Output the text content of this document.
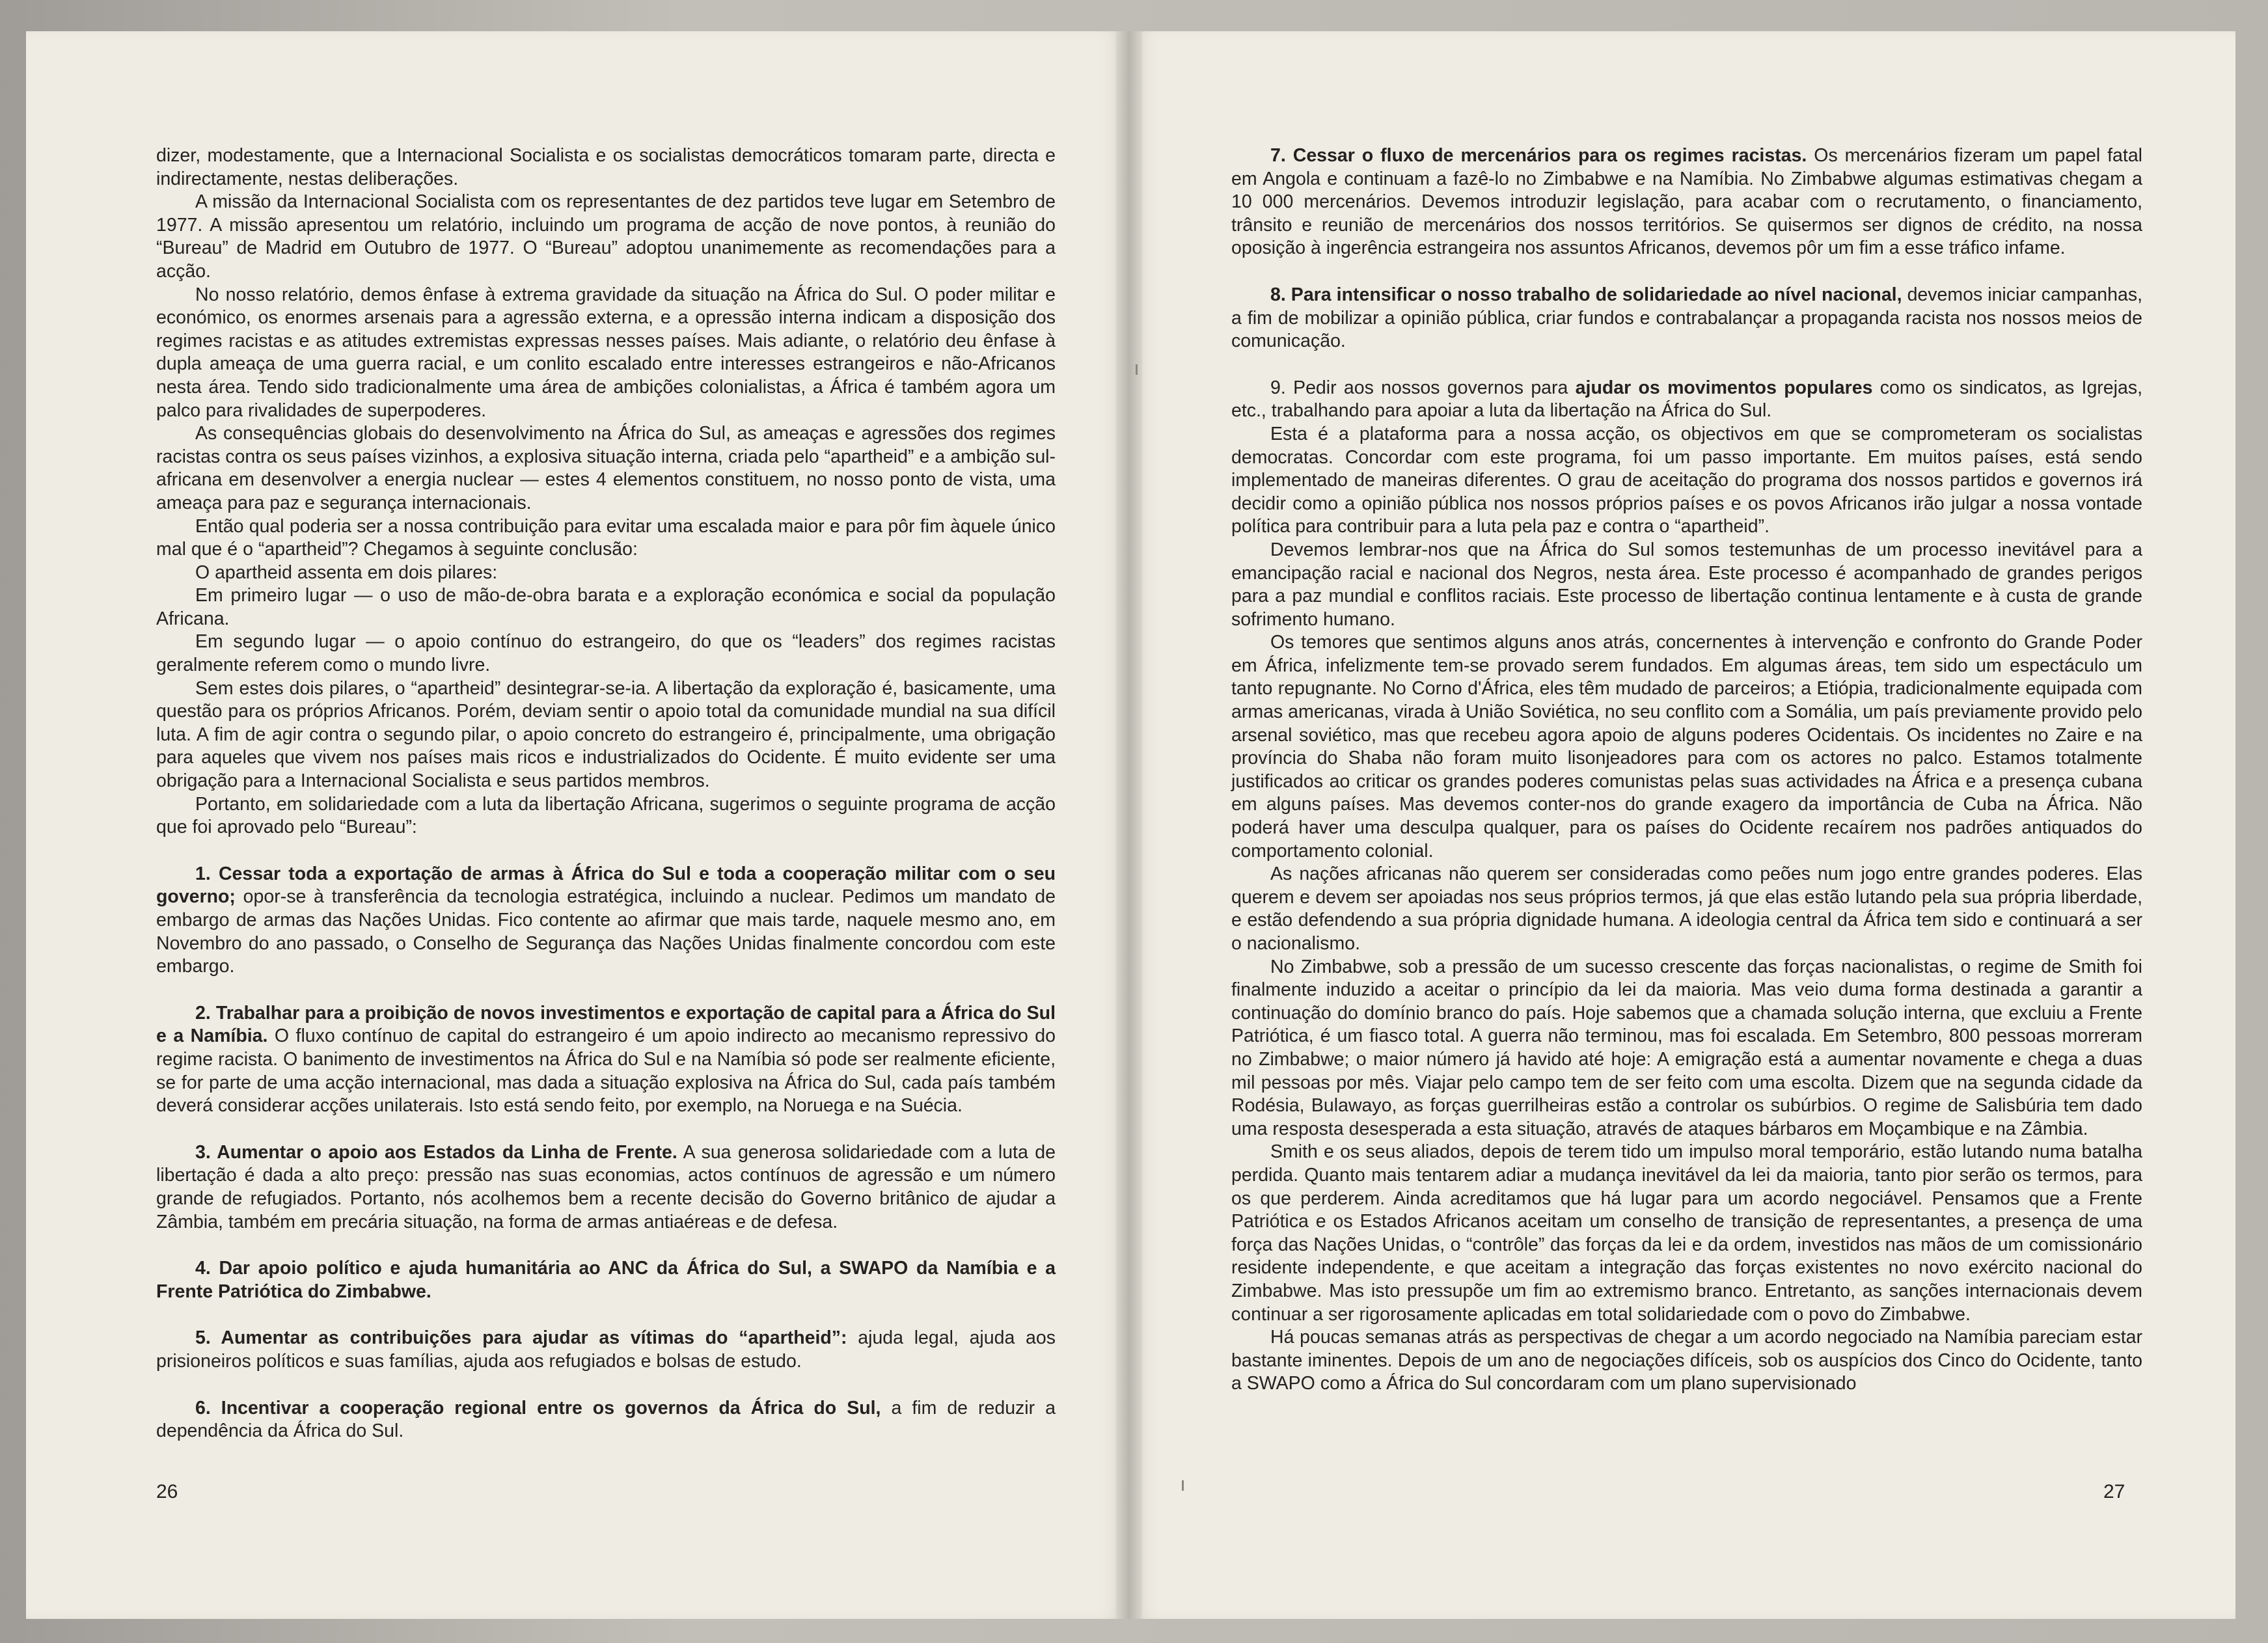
dizer, modestamente, que a Internacional Socialista e os socialistas democráticos tomaram parte, directa e indirectamente, nestas deliberações.

A missão da Internacional Socialista com os representantes de dez partidos teve lugar em Setembro de 1977. A missão apresentou um relatório, incluindo um programa de acção de nove pontos, à reunião do “Bureau” de Madrid em Outubro de 1977. O “Bureau” adoptou unanimemente as recomendações para a acção.

No nosso relatório, demos ênfase à extrema gravidade da situação na África do Sul. O poder militar e económico, os enormes arsenais para a agressão externa, e a opressão interna indicam a disposição dos regimes racistas e as atitudes extremistas expressas nesses países. Mais adiante, o relatório deu ênfase à dupla ameaça de uma guerra racial, e um conlito escalado entre interesses estrangeiros e não-Africanos nesta área. Tendo sido tradicionalmente uma área de ambições colonialistas, a África é também agora um palco para rivalidades de superpoderes.

As consequências globais do desenvolvimento na África do Sul, as ameaças e agressões dos regimes racistas contra os seus países vizinhos, a explosiva situação interna, criada pelo “apartheid” e a ambição sul-africana em desenvolver a energia nuclear — estes 4 elementos constituem, no nosso ponto de vista, uma ameaça para paz e segurança internacionais.

Então qual poderia ser a nossa contribuição para evitar uma escalada maior e para pôr fim àquele único mal que é o “apartheid”? Chegamos à seguinte conclusão:

O apartheid assenta em dois pilares:

Em primeiro lugar — o uso de mão-de-obra barata e a exploração económica e social da população Africana.

Em segundo lugar — o apoio contínuo do estrangeiro, do que os “leaders” dos regimes racistas geralmente referem como o mundo livre.

Sem estes dois pilares, o “apartheid” desintegrar-se-ia. A libertação da exploração é, basicamente, uma questão para os próprios Africanos. Porém, deviam sentir o apoio total da comunidade mundial na sua difícil luta. A fim de agir contra o segundo pilar, o apoio concreto do estrangeiro é, principalmente, uma obrigação para aqueles que vivem nos países mais ricos e industrializados do Ocidente. É muito evidente ser uma obrigação para a Internacional Socialista e seus partidos membros.

Portanto, em solidariedade com a luta da libertação Africana, sugerimos o seguinte programa de acção que foi aprovado pelo “Bureau”:

1. Cessar toda a exportação de armas à África do Sul e toda a cooperação militar com o seu governo; opor-se à transferência da tecnologia estratégica, incluindo a nuclear. Pedimos um mandato de embargo de armas das Nações Unidas. Fico contente ao afirmar que mais tarde, naquele mesmo ano, em Novembro do ano passado, o Conselho de Segurança das Nações Unidas finalmente concordou com este embargo.

2. Trabalhar para a proibição de novos investimentos e exportação de capital para a África do Sul e a Namíbia. O fluxo contínuo de capital do estrangeiro é um apoio indirecto ao mecanismo repressivo do regime racista. O banimento de investimentos na África do Sul e na Namíbia só pode ser realmente eficiente, se for parte de uma acção internacional, mas dada a situação explosiva na África do Sul, cada país também deverá considerar acções unilaterais. Isto está sendo feito, por exemplo, na Noruega e na Suécia.

3. Aumentar o apoio aos Estados da Linha de Frente. A sua generosa solidariedade com a luta de libertação é dada a alto preço: pressão nas suas economias, actos contínuos de agressão e um número grande de refugiados. Portanto, nós acolhemos bem a recente decisão do Governo britânico de ajudar a Zâmbia, também em precária situação, na forma de armas antiaéreas e de defesa.

4. Dar apoio político e ajuda humanitária ao ANC da África do Sul, a SWAPO da Namíbia e a Frente Patriótica do Zimbabwe.

5. Aumentar as contribuições para ajudar as vítimas do “apartheid”: ajuda legal, ajuda aos prisioneiros políticos e suas famílias, ajuda aos refugiados e bolsas de estudo.

6. Incentivar a cooperação regional entre os governos da África do Sul, a fim de reduzir a dependência da África do Sul.

26

7. Cessar o fluxo de mercenários para os regimes racistas. Os mercenários fizeram um papel fatal em Angola e continuam a fazê-lo no Zimbabwe e na Namíbia. No Zimbabwe algumas estimativas chegam a 10 000 mercenários. Devemos introduzir legislação, para acabar com o recrutamento, o financiamento, trânsito e reunião de mercenários dos nossos territórios. Se quisermos ser dignos de crédito, na nossa oposição à ingerência estrangeira nos assuntos Africanos, devemos pôr um fim a esse tráfico infame.

8. Para intensificar o nosso trabalho de solidariedade ao nível nacional, devemos iniciar campanhas, a fim de mobilizar a opinião pública, criar fundos e contrabalançar a propaganda racista nos nossos meios de comunicação.

9. Pedir aos nossos governos para ajudar os movimentos populares como os sindicatos, as Igrejas, etc., trabalhando para apoiar a luta da libertação na África do Sul.

Esta é a plataforma para a nossa acção, os objectivos em que se comprometeram os socialistas democratas. Concordar com este programa, foi um passo importante. Em muitos países, está sendo implementado de maneiras diferentes. O grau de aceitação do programa dos nossos partidos e governos irá decidir como a opinião pública nos nossos próprios países e os povos Africanos irão julgar a nossa vontade política para contribuir para a luta pela paz e contra o “apartheid”.

Devemos lembrar-nos que na África do Sul somos testemunhas de um processo inevitável para a emancipação racial e nacional dos Negros, nesta área. Este processo é acompanhado de grandes perigos para a paz mundial e conflitos raciais. Este processo de libertação continua lentamente e à custa de grande sofrimento humano.

Os temores que sentimos alguns anos atrás, concernentes à intervenção e confronto do Grande Poder em África, infelizmente tem-se provado serem fundados. Em algumas áreas, tem sido um espectáculo um tanto repugnante. No Corno d'África, eles têm mudado de parceiros; a Etiópia, tradicionalmente equipada com armas americanas, virada à União Soviética, no seu conflito com a Somália, um país previamente provido pelo arsenal soviético, mas que recebeu agora apoio de alguns poderes Ocidentais. Os incidentes no Zaire e na província do Shaba não foram muito lisonjeadores para com os actores no palco. Estamos totalmente justificados ao criticar os grandes poderes comunistas pelas suas actividades na África e a presença cubana em alguns países. Mas devemos conter-nos do grande exagero da importância de Cuba na África. Não poderá haver uma desculpa qualquer, para os países do Ocidente recaírem nos padrões antiquados do comportamento colonial.

As nações africanas não querem ser consideradas como peões num jogo entre grandes poderes. Elas querem e devem ser apoiadas nos seus próprios termos, já que elas estão lutando pela sua própria liberdade, e estão defendendo a sua própria dignidade humana. A ideologia central da África tem sido e continuará a ser o nacionalismo.

No Zimbabwe, sob a pressão de um sucesso crescente das forças nacionalistas, o regime de Smith foi finalmente induzido a aceitar o princípio da lei da maioria. Mas veio duma forma destinada a garantir a continuação do domínio branco do país. Hoje sabemos que a chamada solução interna, que excluiu a Frente Patriótica, é um fiasco total. A guerra não terminou, mas foi escalada. Em Setembro, 800 pessoas morreram no Zimbabwe; o maior número já havido até hoje: A emigração está a aumentar novamente e chega a duas mil pessoas por mês. Viajar pelo campo tem de ser feito com uma escolta. Dizem que na segunda cidade da Rodésia, Bulawayo, as forças guerrilheiras estão a controlar os subúrbios. O regime de Salisbúria tem dado uma resposta desesperada a esta situação, através de ataques bárbaros em Moçambique e na Zâmbia.

Smith e os seus aliados, depois de terem tido um impulso moral temporário, estão lutando numa batalha perdida. Quanto mais tentarem adiar a mudança inevitável da lei da maioria, tanto pior serão os termos, para os que perderem. Ainda acreditamos que há lugar para um acordo negociável. Pensamos que a Frente Patriótica e os Estados Africanos aceitam um conselho de transição de representantes, a presença de uma força das Nações Unidas, o “contrôle” das forças da lei e da ordem, investidos nas mãos de um comissionário residente independente, e que aceitam a integração das forças existentes no novo exército nacional do Zimbabwe. Mas isto pressupõe um fim ao extremismo branco. Entretanto, as sanções internacionais devem continuar a ser rigorosamente aplicadas em total solidariedade com o povo do Zimbabwe.

Há poucas semanas atrás as perspectivas de chegar a um acordo negociado na Namíbia pareciam estar bastante iminentes. Depois de um ano de negociações difíceis, sob os auspícios dos Cinco do Ocidente, tanto a SWAPO como a África do Sul concordaram com um plano supervisionado

27
